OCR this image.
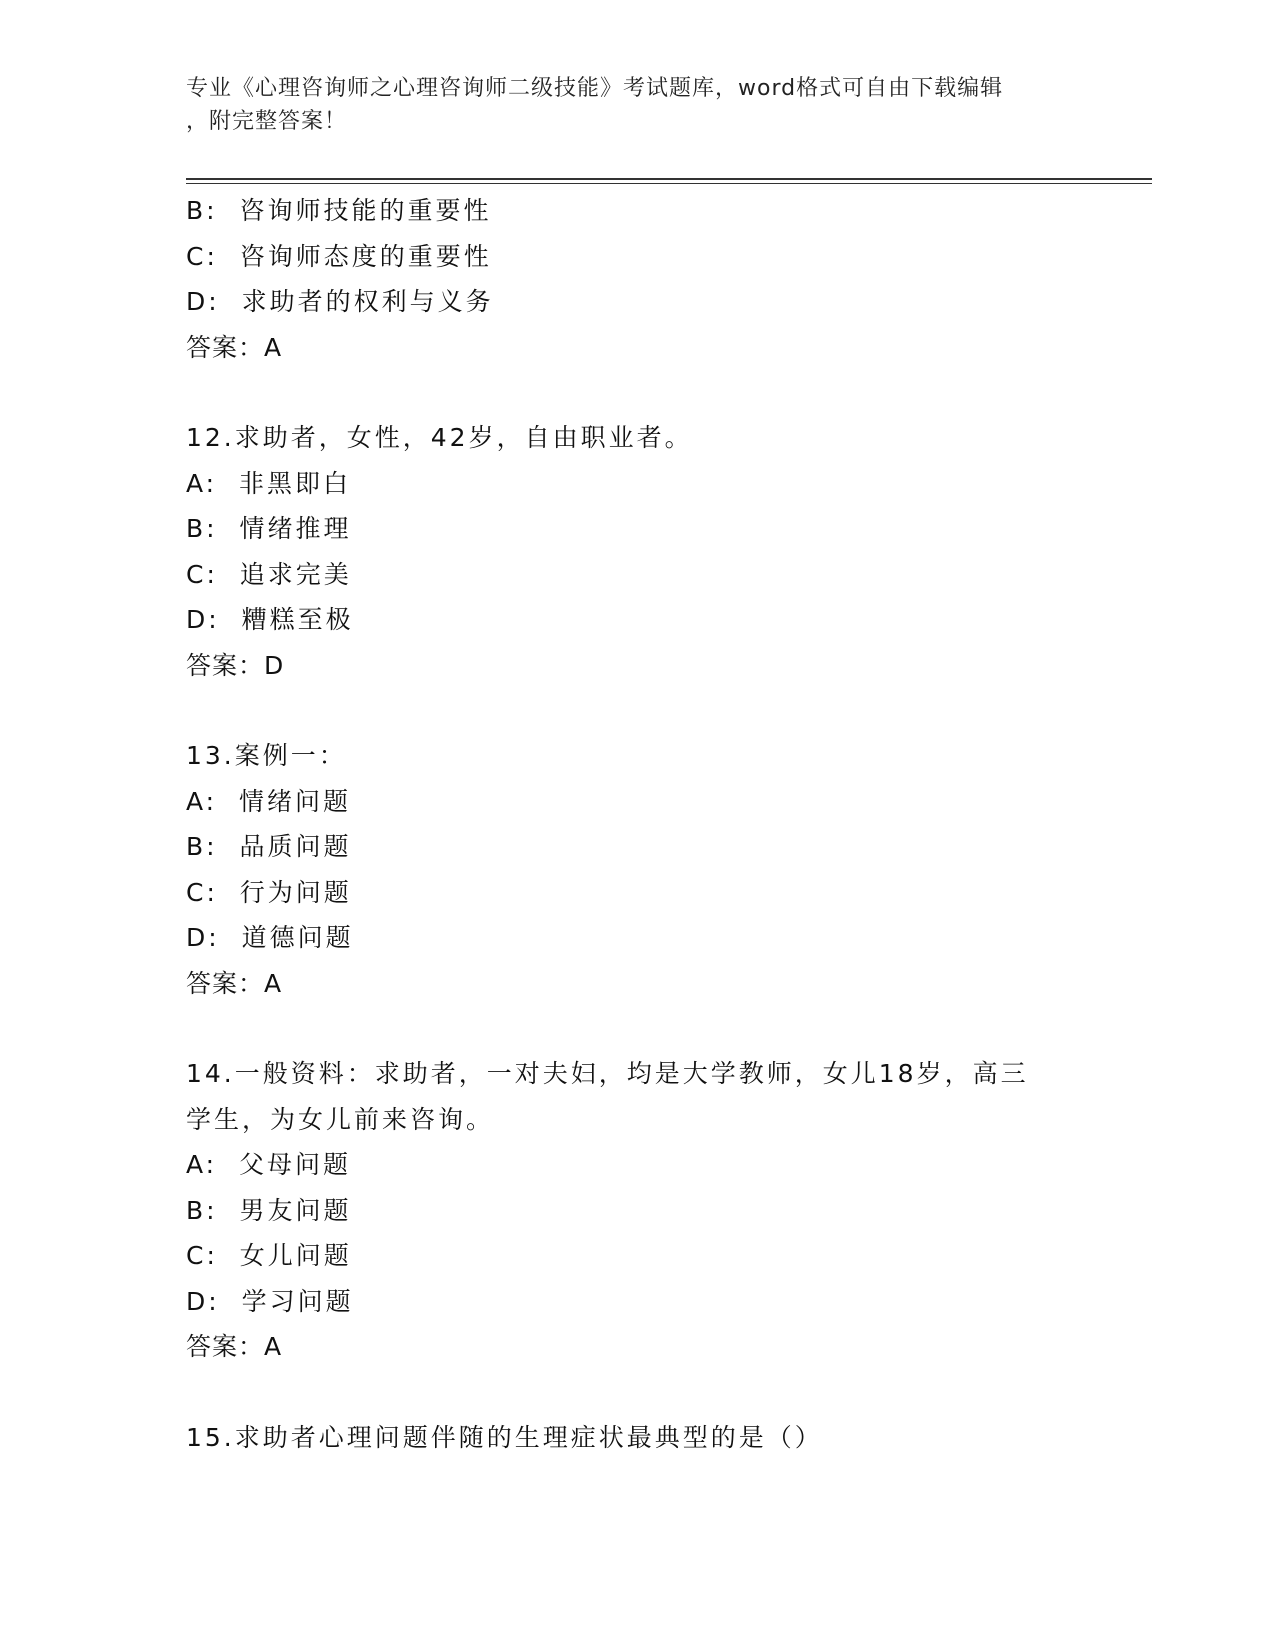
专业《心理咨询师之心理咨询师二级技能》考试题库，word格式可自由下载编辑
，附完整答案！
B:  咨询师技能的重要性
C:  咨询师态度的重要性
D:  求助者的权利与义务
答案：A
12.求助者，女性，42岁，自由职业者。
A:  非黑即白
B:  情绪推理
C:  追求完美
D:  糟糕至极
答案：D
13.案例一：
A:  情绪问题
B:  品质问题
C:  行为问题
D:  道德问题
答案：A
14.一般资料：求助者，一对夫妇，均是大学教师，女儿18岁，高三
学生，为女儿前来咨询。
A:  父母问题
B:  男友问题
C:  女儿问题
D:  学习问题
答案：A
15.求助者心理问题伴随的生理症状最典型的是（）
